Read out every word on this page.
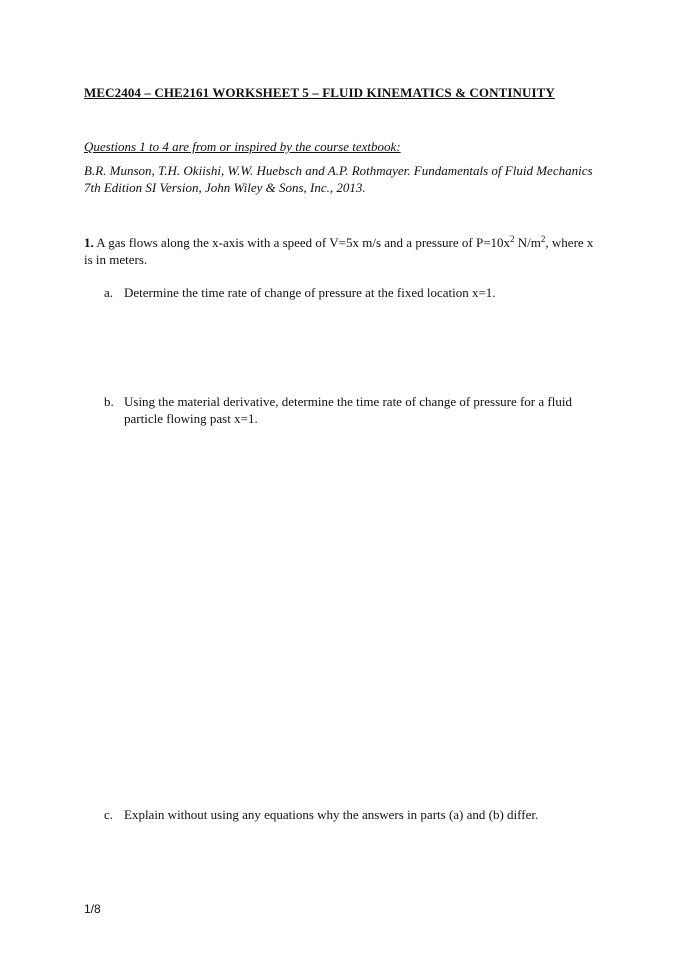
MEC2404 – CHE2161 WORKSHEET 5 – FLUID KINEMATICS & CONTINUITY
Questions 1 to 4 are from or inspired by the course textbook:
B.R. Munson, T.H. Okiishi, W.W. Huebsch and A.P. Rothmayer. Fundamentals of Fluid Mechanics 7th Edition SI Version, John Wiley & Sons, Inc., 2013.
1. A gas flows along the x-axis with a speed of V=5x m/s and a pressure of $P=10x^2$ $N/m^2$, where x is in meters.
a. Determine the time rate of change of pressure at the fixed location x=1.
b. Using the material derivative, determine the time rate of change of pressure for a fluid particle flowing past x=1.
c. Explain without using any equations why the answers in parts (a) and (b) differ.
1/8
